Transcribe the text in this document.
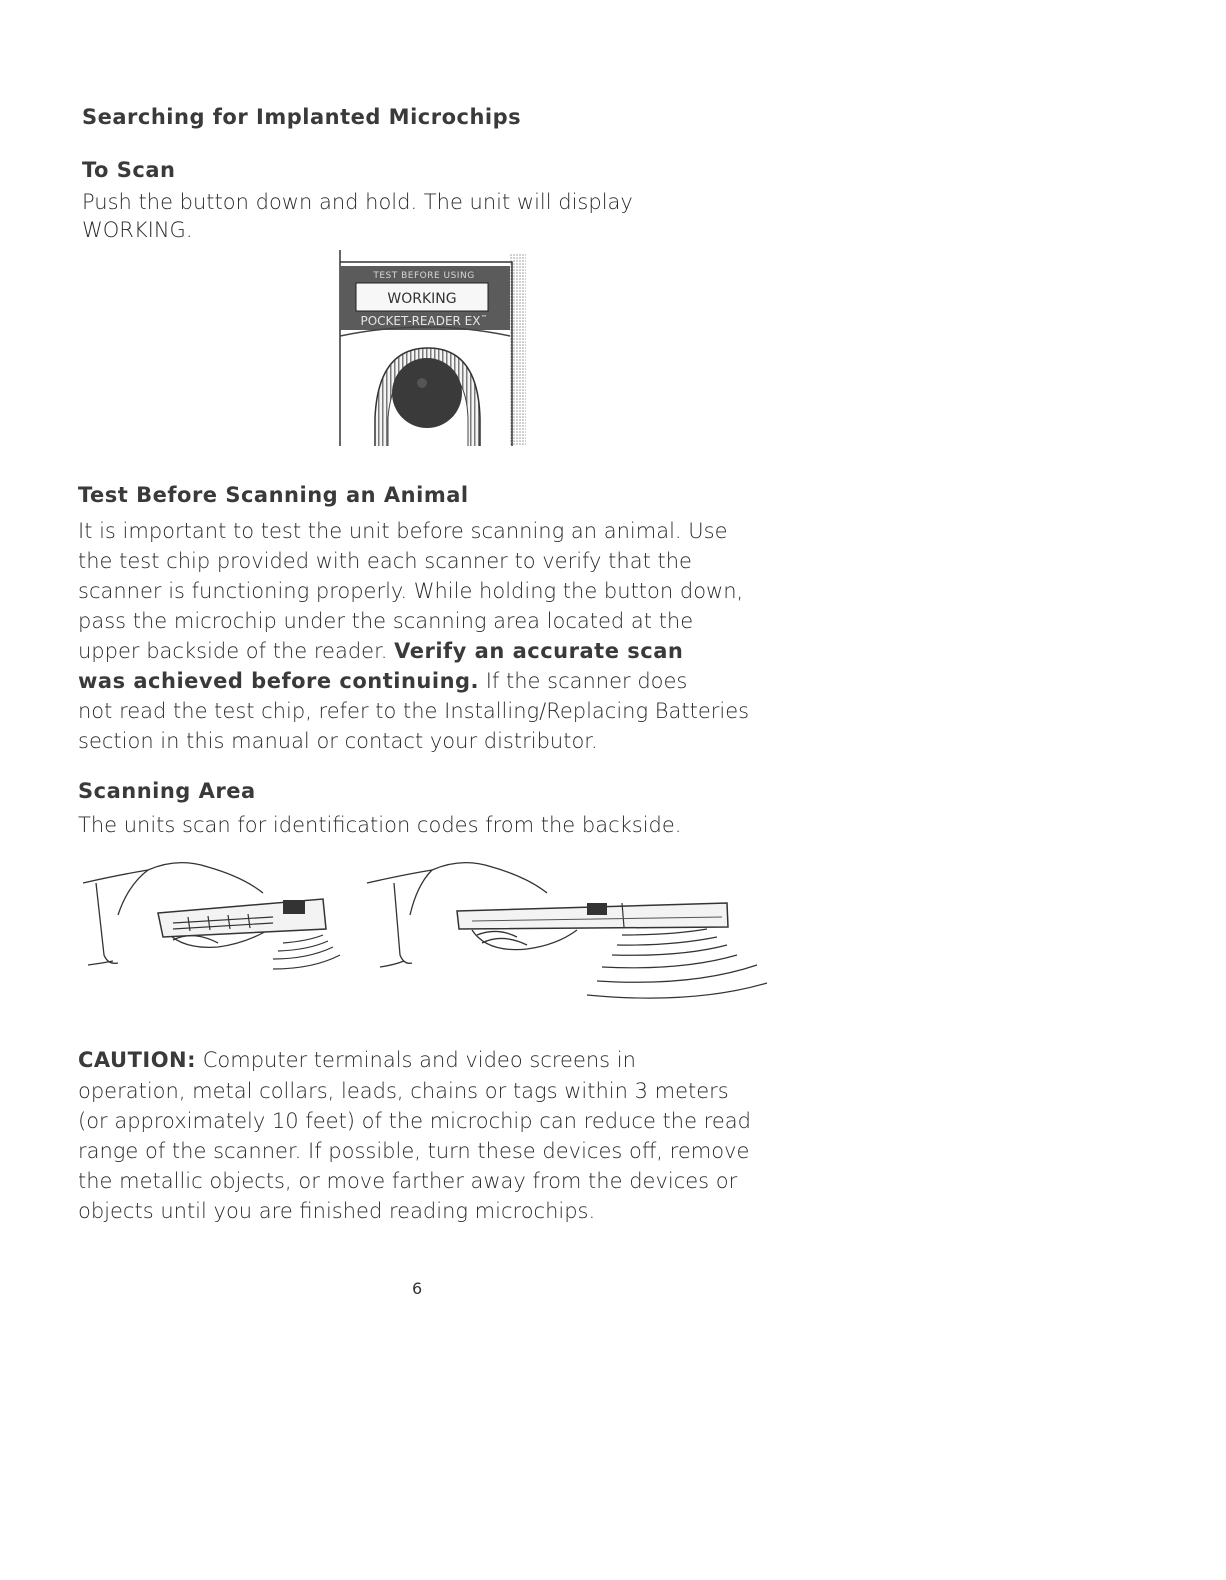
Searching for Implanted Microchips
To Scan

Push the button down and hold. The unit will display

WORKING.

TEST BEFORE USING
WORKING
POCKET-READER EX™
Test Before Scanning an Animal

It is important to test the unit before scanning an animal. Use

the test chip provided with each scanner to verify that the

scanner is functioning properly. While holding the button down,

pass the microchip under the scanning area located at the

upper backside of the reader. Verify an accurate scan

was achieved before continuing. If the scanner does

not read the test chip, refer to the Installing/Replacing Batteries

section in this manual or contact your distributor.

Scanning Area

The units scan for identification codes from the backside.

CAUTION: Computer terminals and video screens in

operation, metal collars, leads, chains or tags within 3 meters

(or approximately 10 feet) of the microchip can reduce the read

range of the scanner. If possible, turn these devices off, remove

the metallic objects, or move farther away from the devices or

objects until you are finished reading microchips.

6
